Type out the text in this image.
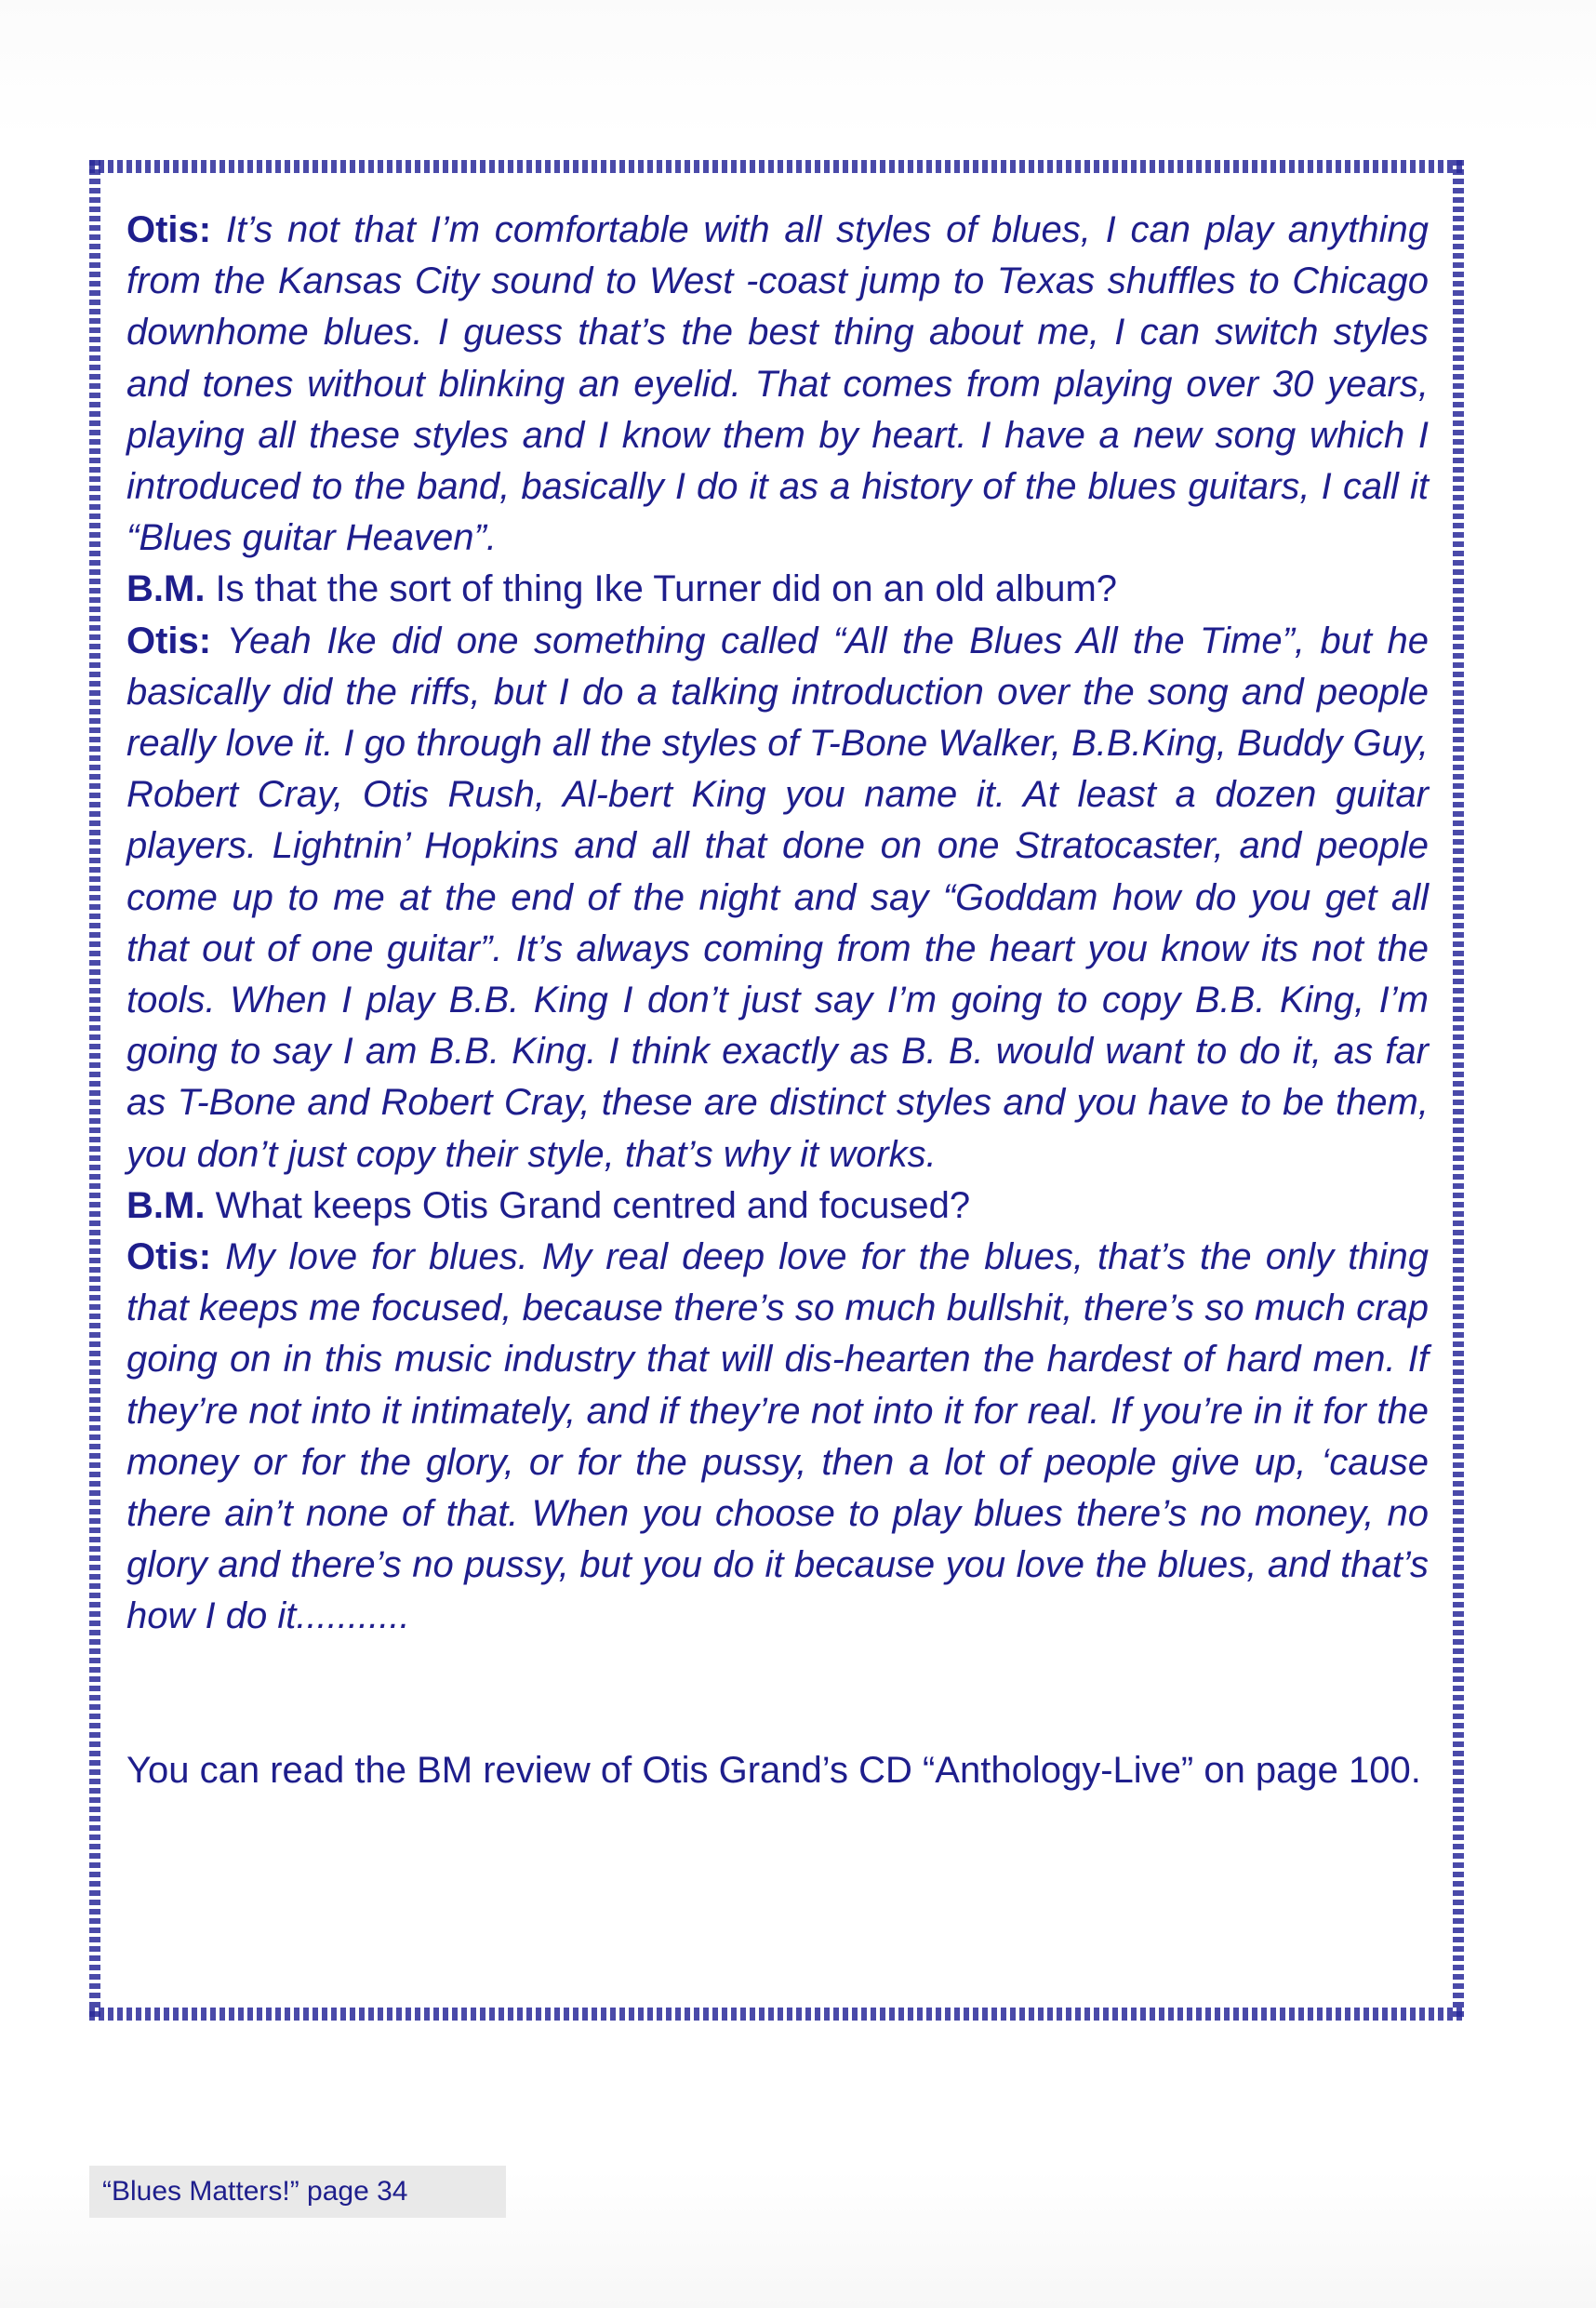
Otis: It’s not that I’m comfortable with all styles of blues, I can play anything from the Kansas City sound to West -coast jump to Texas shuffles to Chicago downhome blues. I guess that’s the best thing about me, I can switch styles and tones without blinking an eyelid. That comes from playing over 30 years, playing all these styles and I know them by heart. I have a new song which I introduced to the band, basically I do it as a history of the blues guitars, I call it “Blues guitar Heaven”.

B.M. Is that the sort of thing Ike Turner did on an old album?

Otis: Yeah Ike did one something called “All the Blues All the Time”, but he basically did the riffs, but I do a talking introduction over the song and people really love it. I go through all the styles of T-Bone Walker, B.B.King, Buddy Guy, Robert Cray, Otis Rush, Al-bert King you name it. At least a dozen guitar players. Lightnin’ Hopkins and all that done on one Stratocaster, and people come up to me at the end of the night and say “Goddam how do you get all that out of one guitar”. It’s always coming from the heart you know its not the tools. When I play B.B. King I don’t just say I’m going to copy B.B. King, I’m going to say I am B.B. King. I think exactly as B. B. would want to do it, as far as T-Bone and Robert Cray, these are distinct styles and you have to be them, you don’t just copy their style, that’s why it works.

B.M. What keeps Otis Grand centred and focused?

Otis: My love for blues. My real deep love for the blues, that’s the only thing that keeps me focused, because there’s so much bullshit, there’s so much crap going on in this music industry that will dis-hearten the hardest of hard men. If they’re not into it intimately, and if they’re not into it for real. If you’re in it for the money or for the glory, or for the pussy, then a lot of people give up, ‘cause there ain’t none of that. When you choose to play blues there’s no money, no glory and there’s no pussy, but you do it because you love the blues, and that’s how I do it...........

You can read the BM review of Otis Grand’s CD “Anthology-Live” on page 100.

“Blues Matters!” page 34
